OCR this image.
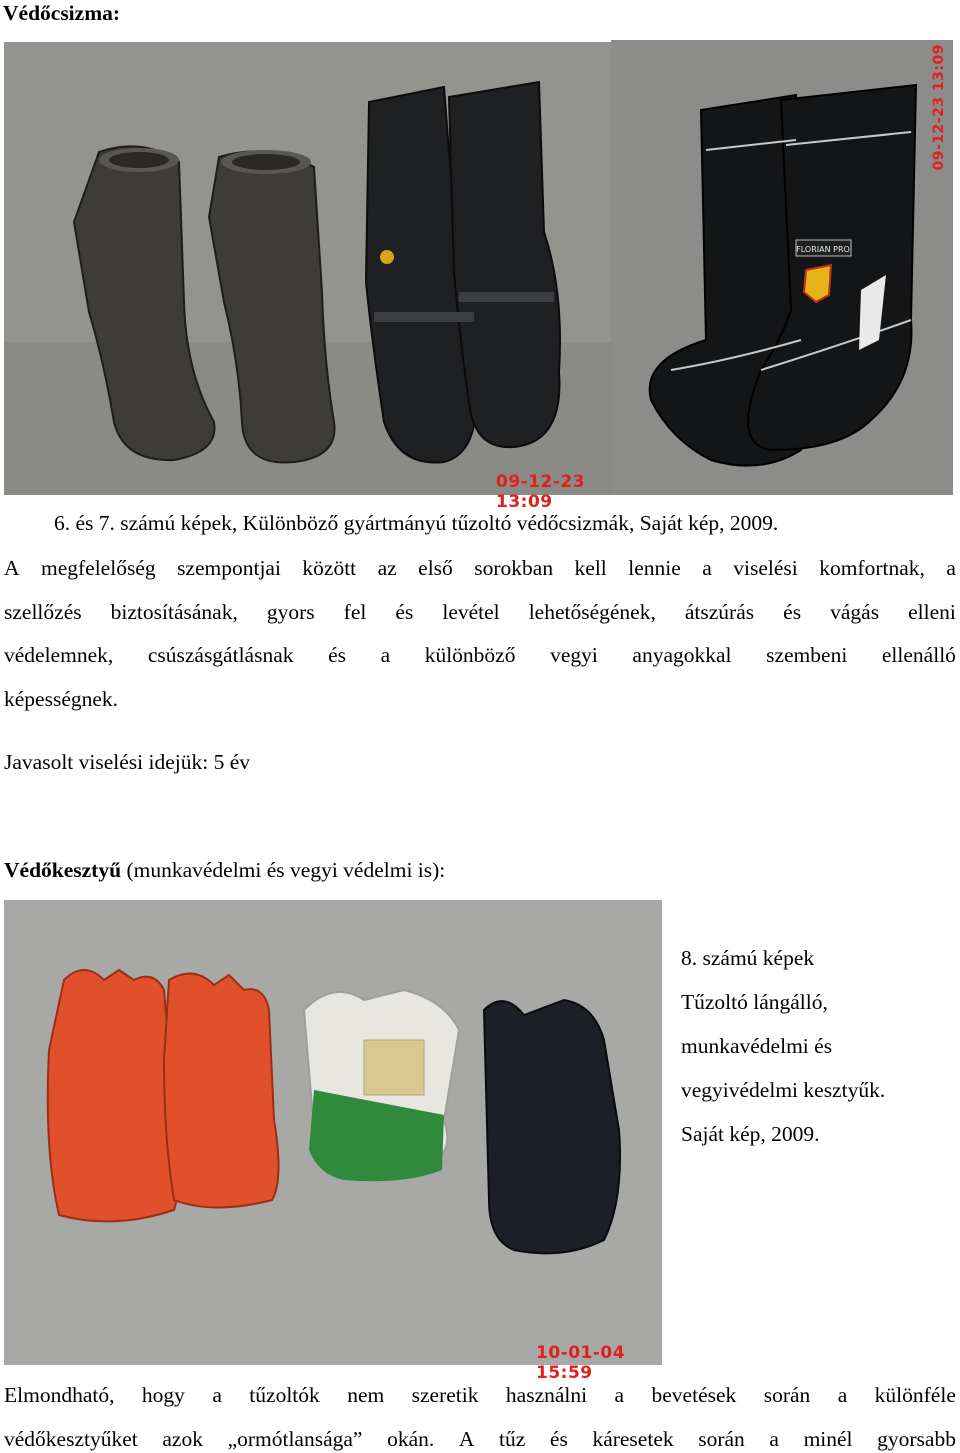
Védőcsizma:
09-12-23 13:09
FLORIAN PRO
09-12-23 13:09
6. és 7. számú képek, Különböző gyártmányú tűzoltó védőcsizmák, Saját kép, 2009.
A megfelelőség szempontjai között az első sorokban kell lennie a viselési komfortnak, a
szellőzés biztosításának, gyors fel és levétel lehetőségének, átszúrás és vágás elleni
védelemnek, csúszásgátlásnak és a különböző vegyi anyagokkal szembeni ellenálló
képességnek.
Javasolt viselési idejük: 5 év
Védőkesztyű (munkavédelmi és vegyi védelmi is):
10-01-04 15:59
8. számú képek
Tűzoltó lángálló,
munkavédelmi és
vegyivédelmi kesztyűk.
Saját kép, 2009.
Elmondható, hogy a tűzoltók nem szeretik használni a bevetések során a különféle
védőkesztyűket azok „ormótlansága” okán. A tűz és káresetek során a minél gyorsabb
